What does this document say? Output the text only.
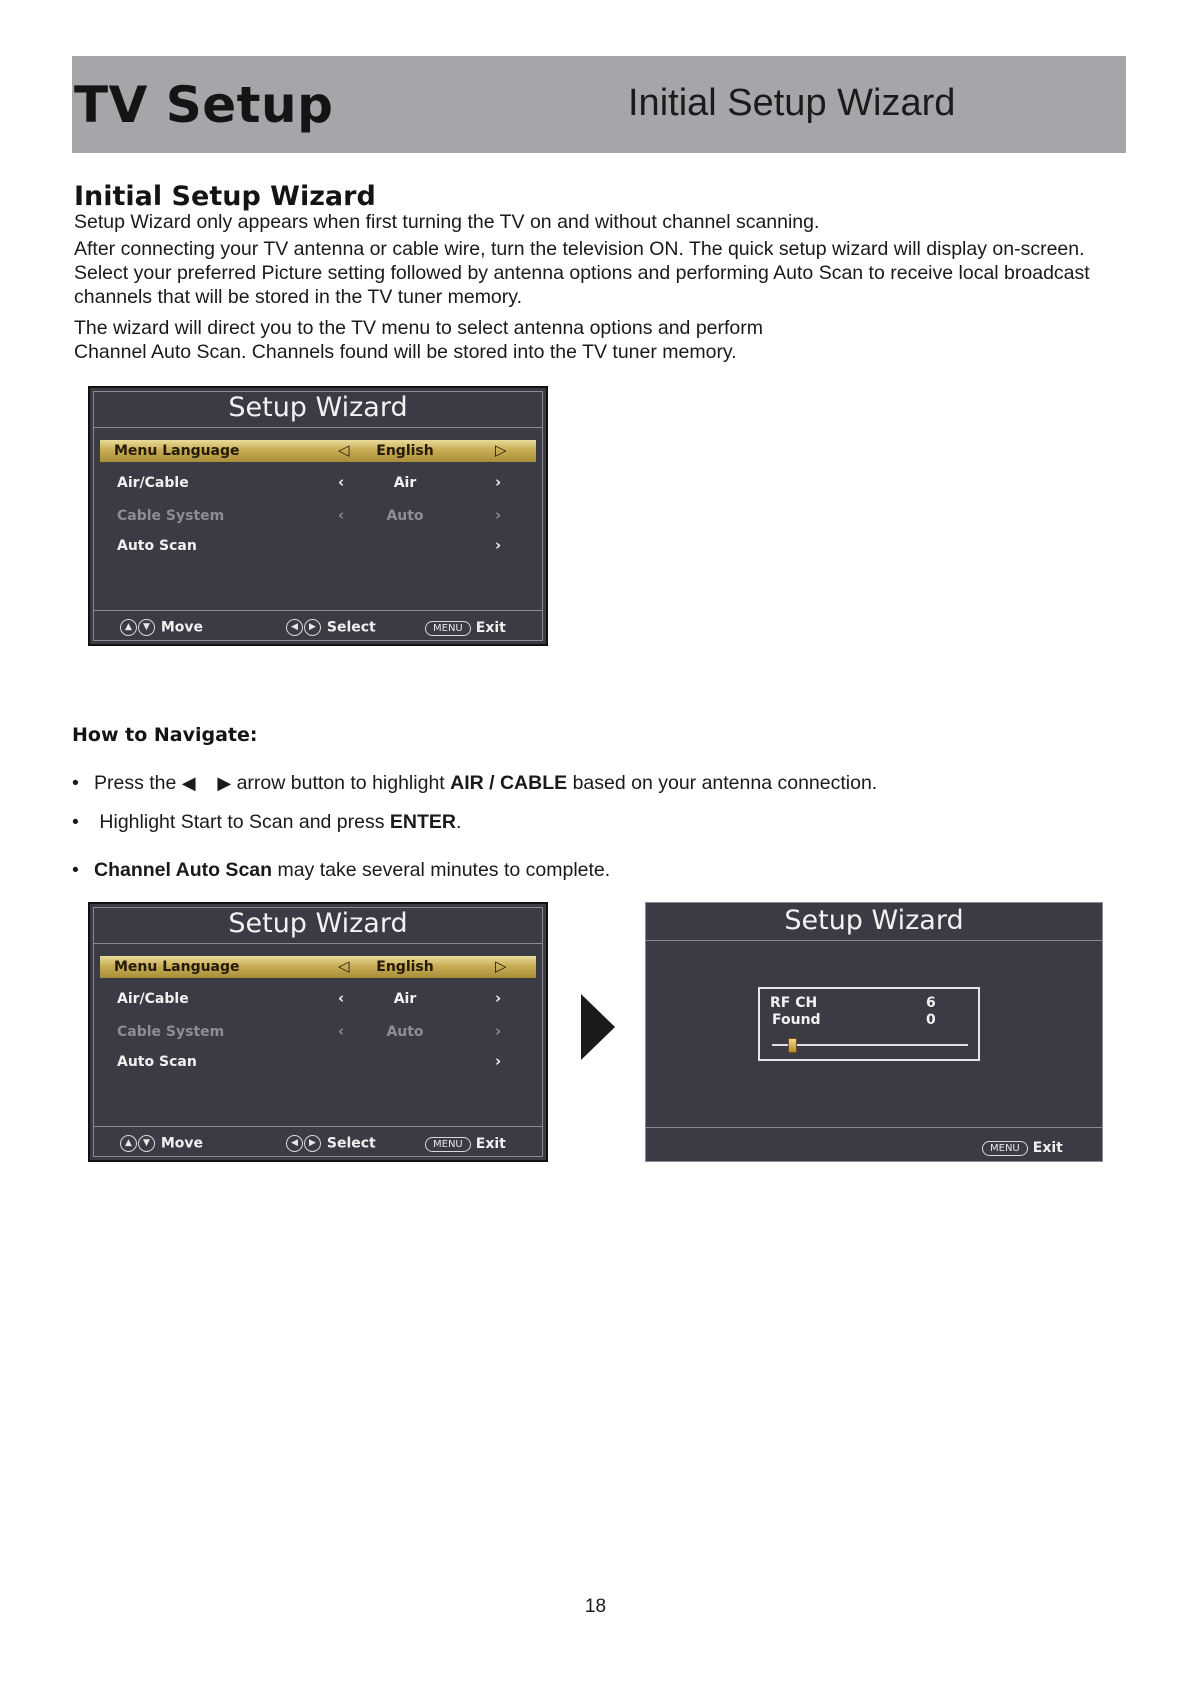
TV Setup	Initial Setup Wizard
Initial Setup Wizard
Setup Wizard only appears when first turning the TV on and without channel scanning.
After connecting your TV antenna or cable wire, turn the television ON. The quick setup wizard will display on-screen.
Select your preferred Picture setting followed by antenna options and performing Auto Scan to receive local broadcast
channels that will be stored in the TV tuner memory.
The wizard will direct you to the TV menu to select antenna options and perform
Channel Auto Scan. Channels found will be stored into the TV tuner memory.
Setup Wizard
Menu Language	◁	English	▷
Air/Cable	‹	Air	›
Cable System	‹	Auto	›
Auto Scan	›
▲ ▼ Move	◀ ▶ Select	MENU Exit
How to Navigate:
• Press the ◀ ▶ arrow button to highlight AIR / CABLE based on your antenna connection.
• Highlight Start to Scan and press ENTER.
• Channel Auto Scan may take several minutes to complete.
Setup Wizard
Menu Language	◁	English	▷
Air/Cable	‹	Air	›
Cable System	‹	Auto	›
Auto Scan	›
▲ ▼ Move	◀ ▶ Select	MENU Exit
Setup Wizard
RF CH	6
Found	0
MENU Exit
18
